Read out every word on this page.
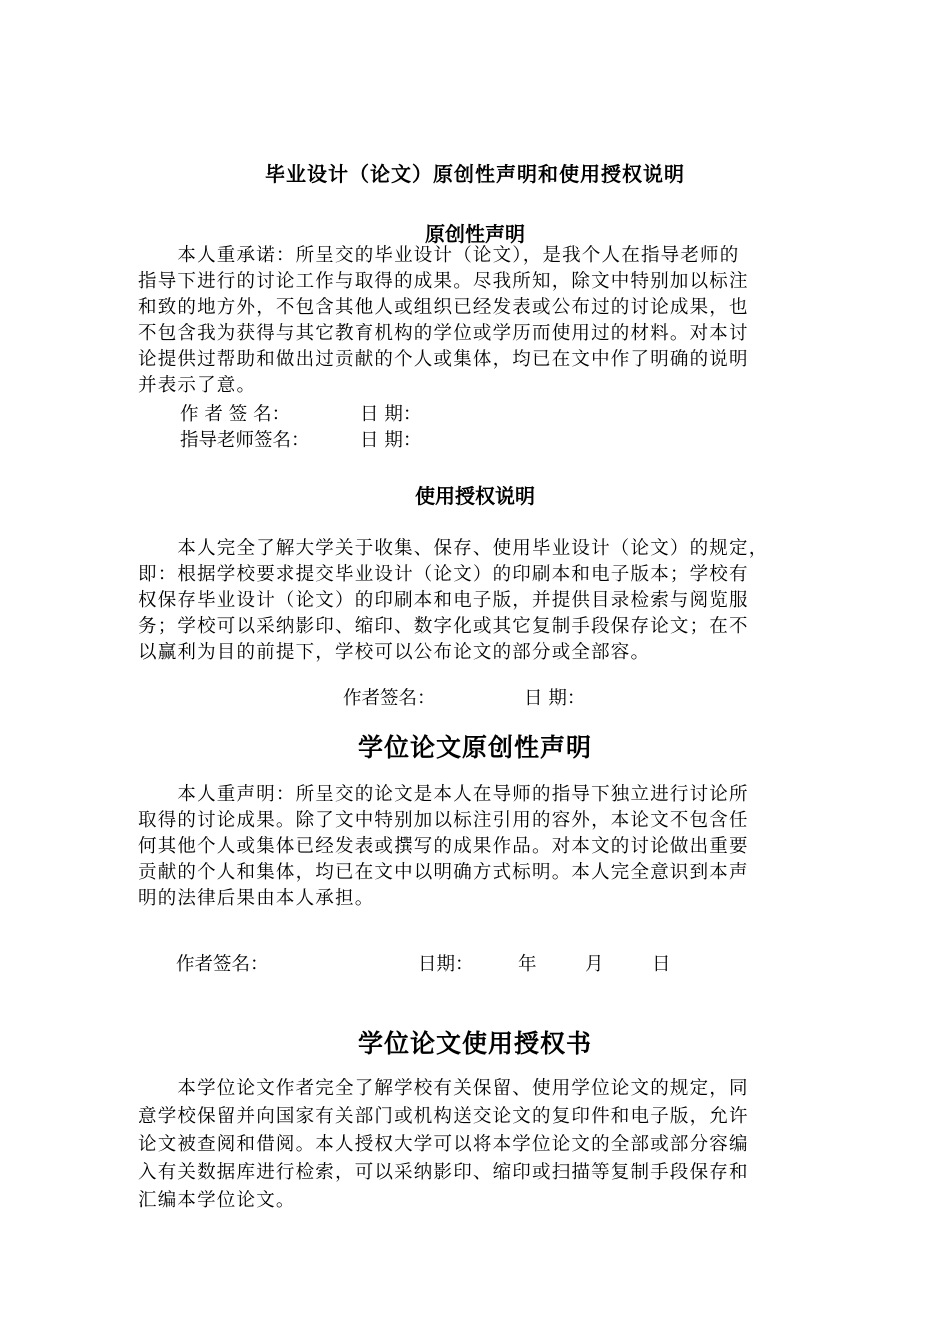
毕业设计（论文）原创性声明和使用授权说明
原创性声明
　　本人重承诺：所呈交的毕业设计（论文），是我个人在指导老师的
指导下进行的讨论工作与取得的成果。尽我所知，除文中特别加以标注
和致的地方外，不包含其他人或组织已经发表或公布过的讨论成果，也
不包含我为获得与其它教育机构的学位或学历而使用过的材料。对本讨
论提供过帮助和做出过贡献的个人或集体，均已在文中作了明确的说明
并表示了意。
作 者 签 名：	日 期：
指导老师签名：	日 期：
使用授权说明
　　本人完全了解大学关于收集、保存、使用毕业设计（论文）的规定，
即：根据学校要求提交毕业设计（论文）的印刷本和电子版本；学校有
权保存毕业设计（论文）的印刷本和电子版，并提供目录检索与阅览服
务；学校可以采纳影印、缩印、数字化或其它复制手段保存论文；在不
以赢利为目的前提下，学校可以公布论文的部分或全部容。
作者签名：	日 期：
学位论文原创性声明
　　本人重声明：所呈交的论文是本人在导师的指导下独立进行讨论所
取得的讨论成果。除了文中特别加以标注引用的容外，本论文不包含任
何其他个人或集体已经发表或撰写的成果作品。对本文的讨论做出重要
贡献的个人和集体，均已在文中以明确方式标明。本人完全意识到本声
明的法律后果由本人承担。
作者签名：	日期： 年	月	日
学位论文使用授权书
　　本学位论文作者完全了解学校有关保留、使用学位论文的规定，同
意学校保留并向国家有关部门或机构送交论文的复印件和电子版，允许
论文被查阅和借阅。本人授权大学可以将本学位论文的全部或部分容编
入有关数据库进行检索，可以采纳影印、缩印或扫描等复制手段保存和
汇编本学位论文。
